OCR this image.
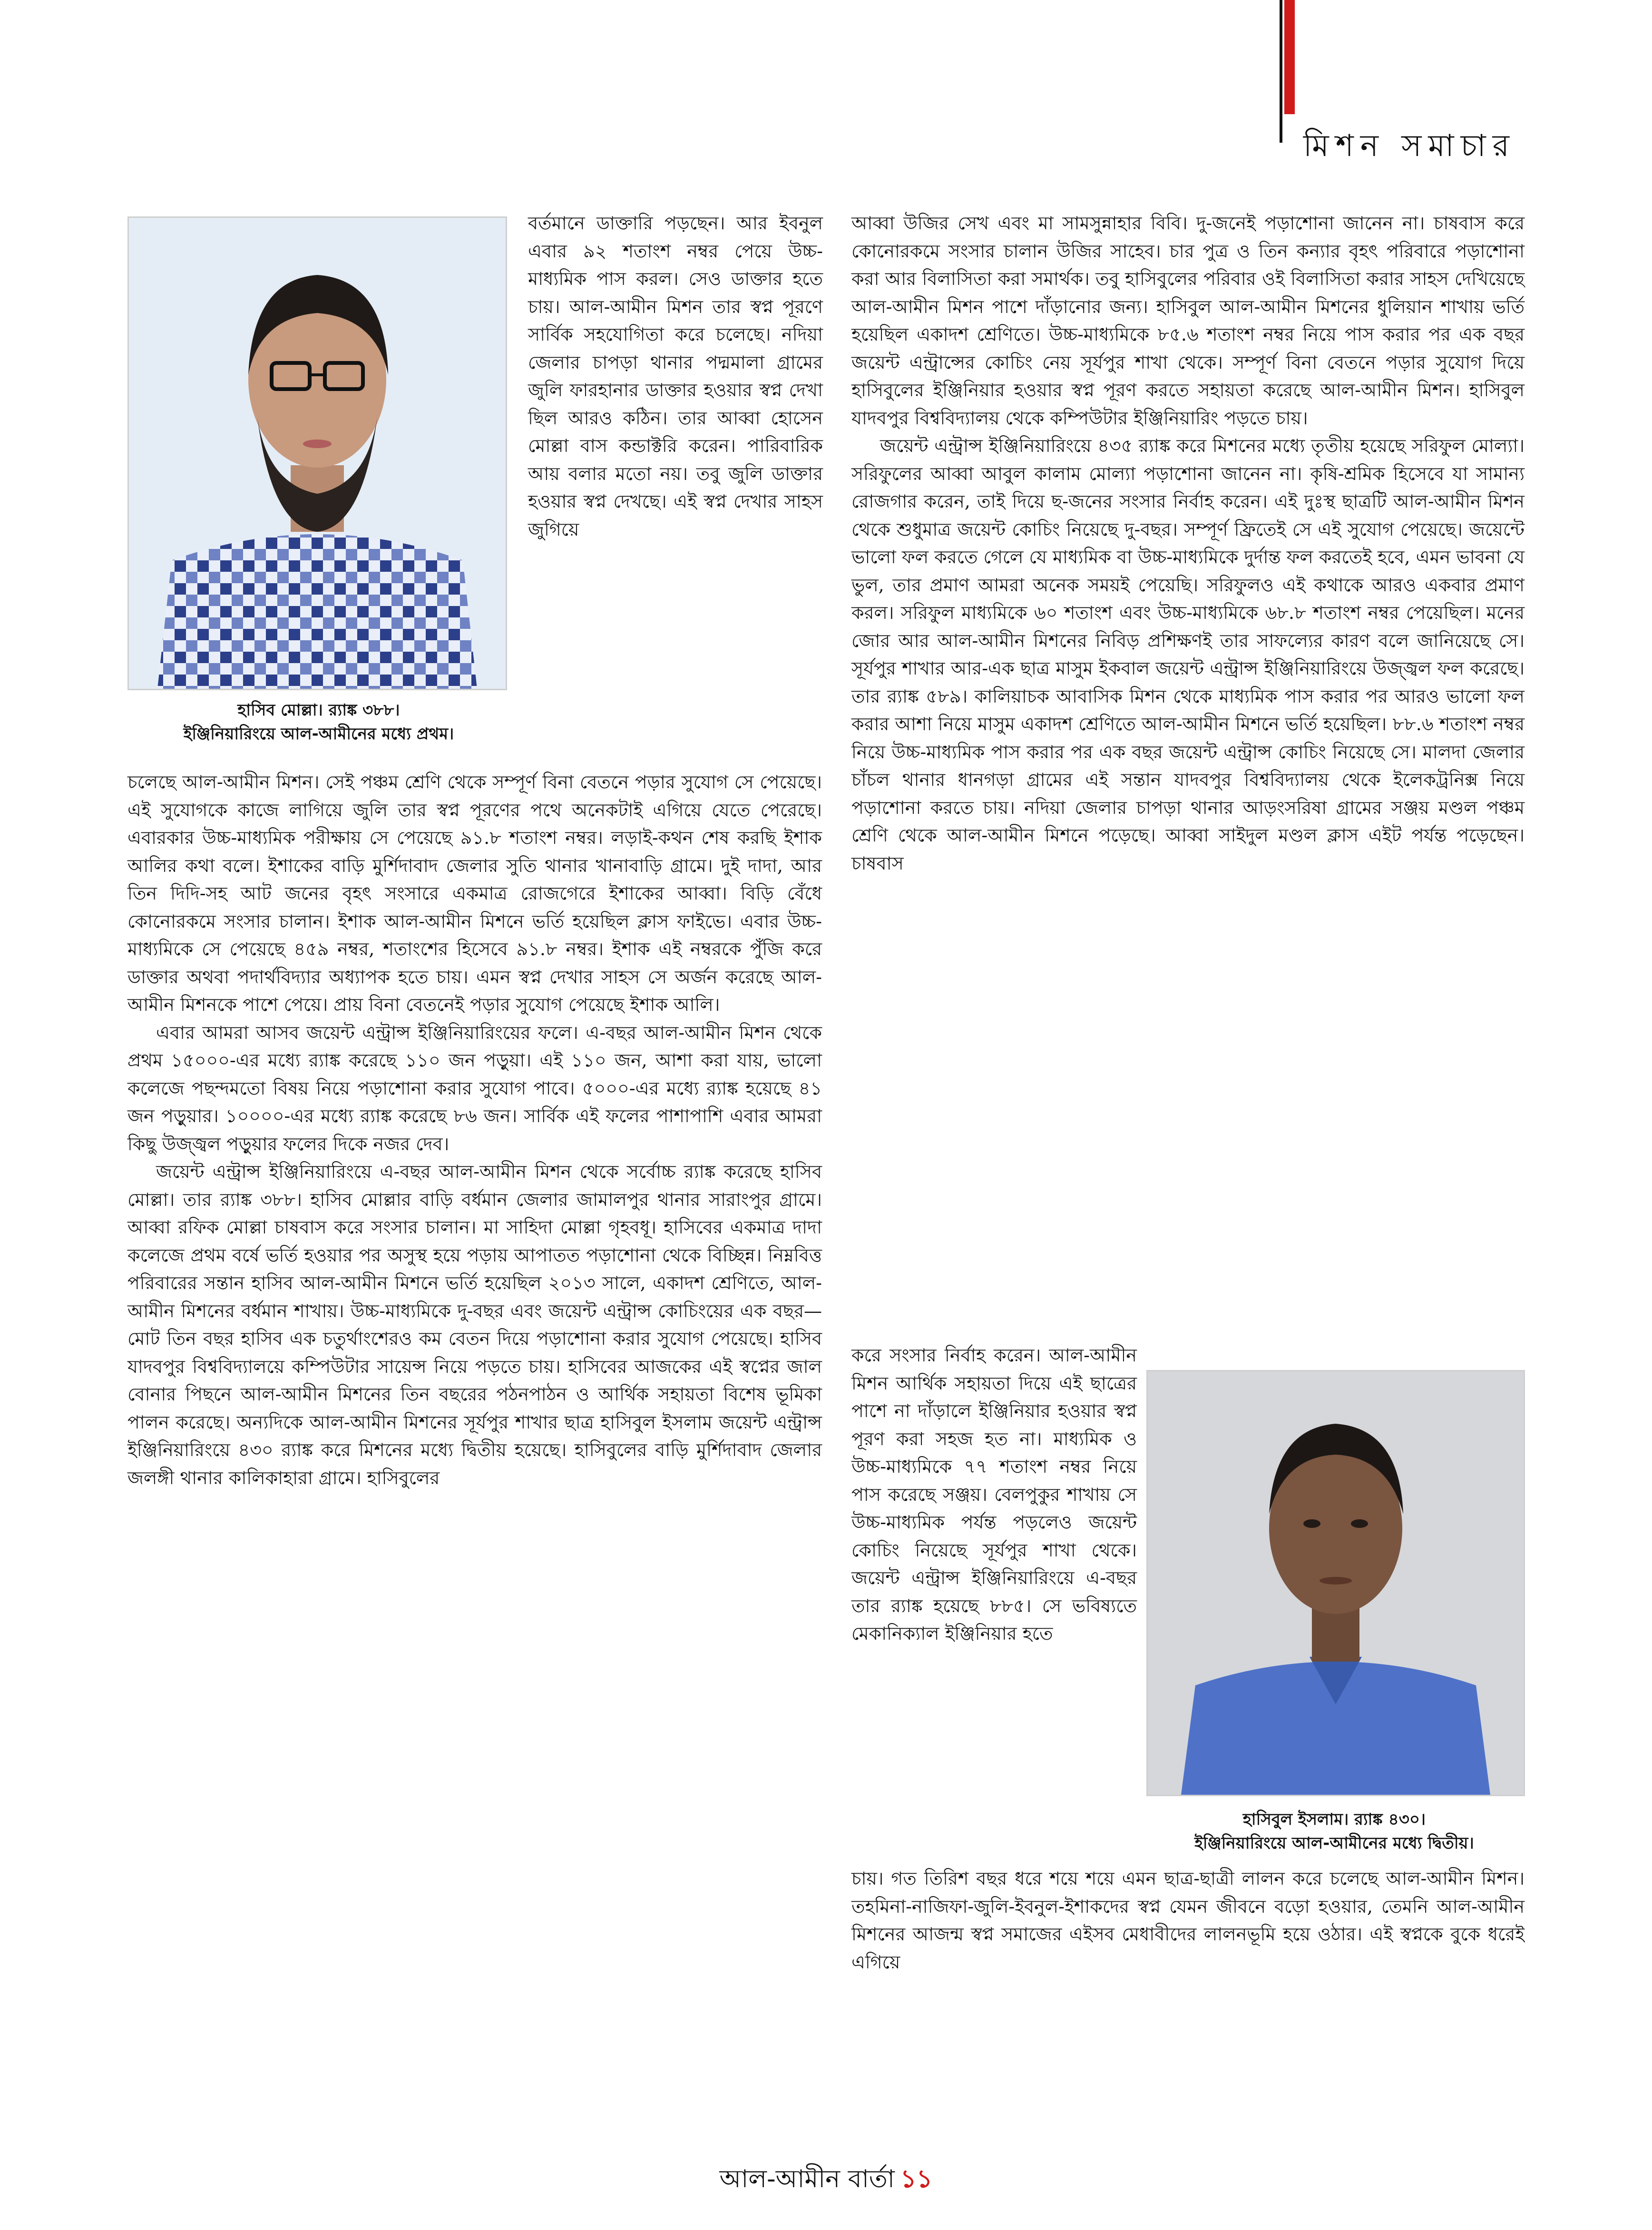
মিশন সমাচার
হাসিব মোল্লা। র‍্যাঙ্ক ৩৮৮।
ইঞ্জিনিয়ারিংয়ে আল-আমীনের মধ্যে প্রথম।
হাসিবুল ইসলাম। র‍্যাঙ্ক ৪৩০।
ইঞ্জিনিয়ারিংয়ে আল-আমীনের মধ্যে দ্বিতীয়।

বর্তমানে ডাক্তারি পড়ছেন। আর ইবনুল এবার ৯২ শতাংশ নম্বর পেয়ে উচ্চ-মাধ্যমিক পাস করল। সেও ডাক্তার হতে চায়। আল-আমীন মিশন তার স্বপ্ন পূরণে সার্বিক সহযোগিতা করে চলেছে। নদিয়া জেলার চাপড়া থানার পদ্মমালা গ্রামের জুলি ফারহানার ডাক্তার হওয়ার স্বপ্ন দেখা ছিল আরও কঠিন। তার আব্বা হোসেন মোল্লা বাস কন্ডাক্টরি করেন। পারিবারিক আয় বলার মতো নয়। তবু জুলি ডাক্তার হওয়ার স্বপ্ন দেখছে। এই স্বপ্ন দেখার সাহস জুগিয়ে

চলেছে আল-আমীন মিশন। সেই পঞ্চম শ্রেণি থেকে সম্পূর্ণ বিনা বেতনে পড়ার সুযোগ সে পেয়েছে। এই সুযোগকে কাজে লাগিয়ে জুলি তার স্বপ্ন পূরণের পথে অনেকটাই এগিয়ে যেতে পেরেছে। এবারকার উচ্চ-মাধ্যমিক পরীক্ষায় সে পেয়েছে ৯১.৮ শতাংশ নম্বর। লড়াই-কথন শেষ করছি ইশাক আলির কথা বলে। ইশাকের বাড়ি মুর্শিদাবাদ জেলার সুতি থানার খানাবাড়ি গ্রামে। দুই দাদা, আর তিন দিদি-সহ আট জনের বৃহৎ সংসারে একমাত্র রোজগেরে ইশাকের আব্বা। বিড়ি বেঁধে কোনোরকমে সংসার চালান। ইশাক আল-আমীন মিশনে ভর্তি হয়েছিল ক্লাস ফাইভে। এবার উচ্চ-মাধ্যমিকে সে পেয়েছে ৪৫৯ নম্বর, শতাংশের হিসেবে ৯১.৮ নম্বর। ইশাক এই নম্বরকে পুঁজি করে ডাক্তার অথবা পদার্থবিদ্যার অধ্যাপক হতে চায়। এমন স্বপ্ন দেখার সাহস সে অর্জন করেছে আল-আমীন মিশনকে পাশে পেয়ে। প্রায় বিনা বেতনেই পড়ার সুযোগ পেয়েছে ইশাক আলি।

এবার আমরা আসব জয়েন্ট এন্ট্রান্স ইঞ্জিনিয়ারিংয়ের ফলে। এ-বছর আল-আমীন মিশন থেকে প্রথম ১৫০০০-এর মধ্যে র‍্যাঙ্ক করেছে ১১০ জন পড়ুয়া। এই ১১০ জন, আশা করা যায়, ভালো কলেজে পছন্দমতো বিষয় নিয়ে পড়াশোনা করার সুযোগ পাবে। ৫০০০-এর মধ্যে র‍্যাঙ্ক হয়েছে ৪১ জন পড়ুয়ার। ১০০০০-এর মধ্যে র‍্যাঙ্ক করেছে ৮৬ জন। সার্বিক এই ফলের পাশাপাশি এবার আমরা কিছু উজ্জ্বল পড়ুয়ার ফলের দিকে নজর দেব।

জয়েন্ট এন্ট্রান্স ইঞ্জিনিয়ারিংয়ে এ-বছর আল-আমীন মিশন থেকে সর্বোচ্চ র‍্যাঙ্ক করেছে হাসিব মোল্লা। তার র‍্যাঙ্ক ৩৮৮। হাসিব মোল্লার বাড়ি বর্ধমান জেলার জামালপুর থানার সারাংপুর গ্রামে। আব্বা রফিক মোল্লা চাষবাস করে সংসার চালান। মা সাহিদা মোল্লা গৃহবধূ। হাসিবের একমাত্র দাদা কলেজে প্রথম বর্ষে ভর্তি হওয়ার পর অসুস্থ হয়ে পড়ায় আপাতত পড়াশোনা থেকে বিচ্ছিন্ন। নিম্নবিত্ত পরিবারের সন্তান হাসিব আল-আমীন মিশনে ভর্তি হয়েছিল ২০১৩ সালে, একাদশ শ্রেণিতে, আল-আমীন মিশনের বর্ধমান শাখায়। উচ্চ-মাধ্যমিকে দু-বছর এবং জয়েন্ট এন্ট্রান্স কোচিংয়ের এক বছর— মোট তিন বছর হাসিব এক চতুর্থাংশেরও কম বেতন দিয়ে পড়াশোনা করার সুযোগ পেয়েছে। হাসিব যাদবপুর বিশ্ববিদ্যালয়ে কম্পিউটার সায়েন্স নিয়ে পড়তে চায়। হাসিবের আজকের এই স্বপ্নের জাল বোনার পিছনে আল-আমীন মিশনের তিন বছরের পঠনপাঠন ও আর্থিক সহায়তা বিশেষ ভূমিকা পালন করেছে। অন্যদিকে আল-আমীন মিশনের সূর্যপুর শাখার ছাত্র হাসিবুল ইসলাম জয়েন্ট এন্ট্রান্স ইঞ্জিনিয়ারিংয়ে ৪৩০ র‍্যাঙ্ক করে মিশনের মধ্যে দ্বিতীয় হয়েছে। হাসিবুলের বাড়ি মুর্শিদাবাদ জেলার জলঙ্গী থানার কালিকাহারা গ্রামে। হাসিবুলের

আব্বা উজির সেখ এবং মা সামসুন্নাহার বিবি। দু-জনেই পড়াশোনা জানেন না। চাষবাস করে কোনোরকমে সংসার চালান উজির সাহেব। চার পুত্র ও তিন কন্যার বৃহৎ পরিবারে পড়াশোনা করা আর বিলাসিতা করা সমার্থক। তবু হাসিবুলের পরিবার ওই বিলাসিতা করার সাহস দেখিয়েছে আল-আমীন মিশন পাশে দাঁড়ানোর জন্য। হাসিবুল আল-আমীন মিশনের ধুলিয়ান শাখায় ভর্তি হয়েছিল একাদশ শ্রেণিতে। উচ্চ-মাধ্যমিকে ৮৫.৬ শতাংশ নম্বর নিয়ে পাস করার পর এক বছর জয়েন্ট এন্ট্রান্সের কোচিং নেয় সূর্যপুর শাখা থেকে। সম্পূর্ণ বিনা বেতনে পড়ার সুযোগ দিয়ে হাসিবুলের ইঞ্জিনিয়ার হওয়ার স্বপ্ন পূরণ করতে সহায়তা করেছে আল-আমীন মিশন। হাসিবুল যাদবপুর বিশ্ববিদ্যালয় থেকে কম্পিউটার ইঞ্জিনিয়ারিং পড়তে চায়।

জয়েন্ট এন্ট্রান্স ইঞ্জিনিয়ারিংয়ে ৪৩৫ র‍্যাঙ্ক করে মিশনের মধ্যে তৃতীয় হয়েছে সরিফুল মোল্যা। সরিফুলের আব্বা আবুল কালাম মোল্যা পড়াশোনা জানেন না। কৃষি-শ্রমিক হিসেবে যা সামান্য রোজগার করেন, তাই দিয়ে ছ-জনের সংসার নির্বাহ করেন। এই দুঃস্থ ছাত্রটি আল-আমীন মিশন থেকে শুধুমাত্র জয়েন্ট কোচিং নিয়েছে দু-বছর। সম্পূর্ণ ফ্রিতেই সে এই সুযোগ পেয়েছে। জয়েন্টে ভালো ফল করতে গেলে যে মাধ্যমিক বা উচ্চ-মাধ্যমিকে দুর্দান্ত ফল করতেই হবে, এমন ভাবনা যে ভুল, তার প্রমাণ আমরা অনেক সময়ই পেয়েছি। সরিফুলও এই কথাকে আরও একবার প্রমাণ করল। সরিফুল মাধ্যমিকে ৬০ শতাংশ এবং উচ্চ-মাধ্যমিকে ৬৮.৮ শতাংশ নম্বর পেয়েছিল। মনের জোর আর আল-আমীন মিশনের নিবিড় প্রশিক্ষণই তার সাফল্যের কারণ বলে জানিয়েছে সে। সূর্যপুর শাখার আর-এক ছাত্র মাসুম ইকবাল জয়েন্ট এন্ট্রান্স ইঞ্জিনিয়ারিংয়ে উজ্জ্বল ফল করেছে। তার র‍্যাঙ্ক ৫৮৯। কালিয়াচক আবাসিক মিশন থেকে মাধ্যমিক পাস করার পর আরও ভালো ফল করার আশা নিয়ে মাসুম একাদশ শ্রেণিতে আল-আমীন মিশনে ভর্তি হয়েছিল। ৮৮.৬ শতাংশ নম্বর নিয়ে উচ্চ-মাধ্যমিক পাস করার পর এক বছর জয়েন্ট এন্ট্রান্স কোচিং নিয়েছে সে। মালদা জেলার চাঁচল থানার ধানগড়া গ্রামের এই সন্তান যাদবপুর বিশ্ববিদ্যালয় থেকে ইলেকট্রনিক্স নিয়ে পড়াশোনা করতে চায়। নদিয়া জেলার চাপড়া থানার আড়ংসরিষা গ্রামের সঞ্জয় মণ্ডল পঞ্চম শ্রেণি থেকে আল-আমীন মিশনে পড়েছে। আব্বা সাইদুল মণ্ডল ক্লাস এইট পর্যন্ত পড়েছেন। চাষবাস

করে সংসার নির্বাহ করেন। আল-আমীন মিশন আর্থিক সহায়তা দিয়ে এই ছাত্রের পাশে না দাঁড়ালে ইঞ্জিনিয়ার হওয়ার স্বপ্ন পূরণ করা সহজ হত না। মাধ্যমিক ও উচ্চ-মাধ্যমিকে ৭৭ শতাংশ নম্বর নিয়ে পাস করেছে সঞ্জয়। বেলপুকুর শাখায় সে উচ্চ-মাধ্যমিক পর্যন্ত পড়লেও জয়েন্ট কোচিং নিয়েছে সূর্যপুর শাখা থেকে। জয়েন্ট এন্ট্রান্স ইঞ্জিনিয়ারিংয়ে এ-বছর তার র‍্যাঙ্ক হয়েছে ৮৮৫। সে ভবিষ্যতে মেকানিক্যাল ইঞ্জিনিয়ার হতে

চায়। গত তিরিশ বছর ধরে শয়ে শয়ে এমন ছাত্র-ছাত্রী লালন করে চলেছে আল-আমীন মিশন। তহমিনা-নাজিফা-জুলি-ইবনুল-ইশাকদের স্বপ্ন যেমন জীবনে বড়ো হওয়ার, তেমনি আল-আমীন মিশনের আজন্ম স্বপ্ন সমাজের এইসব মেধাবীদের লালনভূমি হয়ে ওঠার। এই স্বপ্নকে বুকে ধরেই এগিয়ে

আল-আমীন বার্তা ১১
